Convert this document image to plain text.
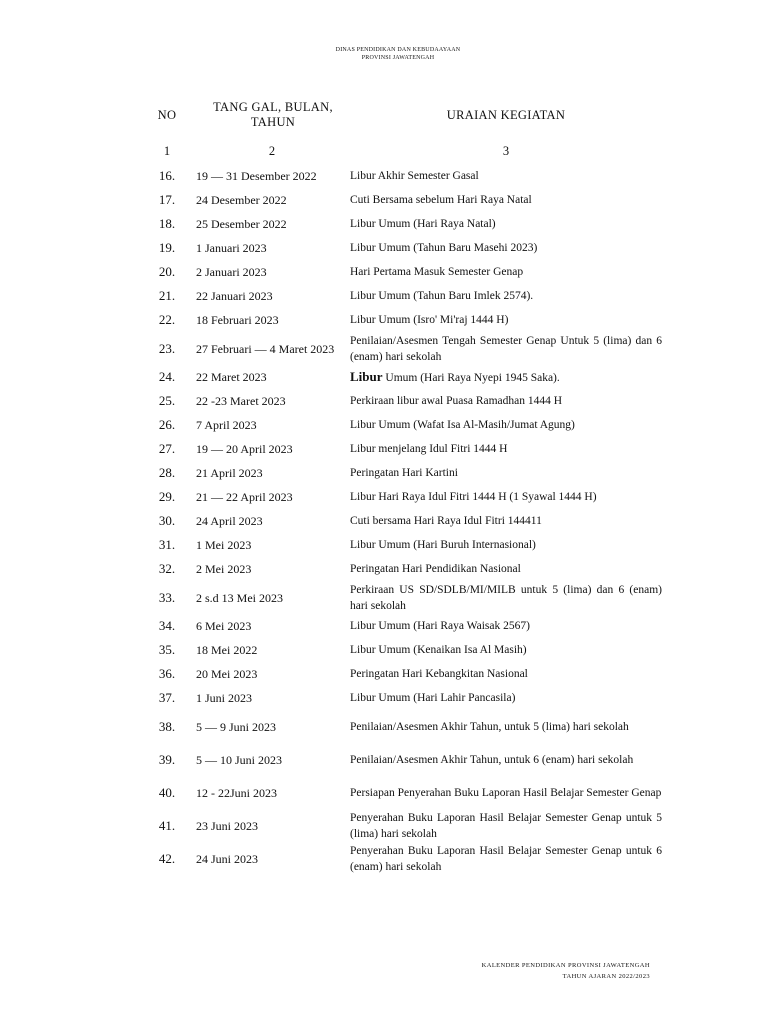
DINAS PENDIDIKAN DAN KEBUDAAYAAN
PROVINSI JAWATENGAH
NO	TANG GAL, BULAN, TAHUN	URAIAN KEGIATAN
1	2	3
16.	19 — 31 Desember 2022	Libur Akhir Semester Gasal
17.	24 Desember 2022	Cuti Bersama sebelum Hari Raya Natal
18.	25 Desember 2022	Libur Umum (Hari Raya Natal)
19.	1 Januari 2023	Libur Umum (Tahun Baru Masehi 2023)
20.	2 Januari 2023	Hari Pertama Masuk Semester Genap
21.	22 Januari 2023	Libur Umum (Tahun Baru Imlek 2574).
22.	18 Februari 2023	Libur Umum (Isro' Mi'raj 1444 H)
23.	27 Februari — 4 Maret 2023	Penilaian/Asesmen Tengah Semester Genap Untuk 5 (lima) dan 6 (enam) hari sekolah
24.	22 Maret 2023	Libur Umum (Hari Raya Nyepi 1945 Saka).
25.	22 -23 Maret 2023	Perkiraan libur awal Puasa Ramadhan 1444 H
26.	7 April 2023	Libur Umum (Wafat Isa Al-Masih/Jumat Agung)
27.	19 — 20 April 2023	Libur menjelang Idul Fitri 1444 H
28.	21 April 2023	Peringatan Hari Kartini
29.	21 — 22 April 2023	Libur Hari Raya Idul Fitri 1444 H (1 Syawal 1444 H)
30.	24 April 2023	Cuti bersama Hari Raya Idul Fitri 144411
31.	1 Mei 2023	Libur Umum (Hari Buruh Internasional)
32.	2 Mei 2023	Peringatan Hari Pendidikan Nasional
33.	2 s.d 13 Mei 2023	Perkiraan US SD/SDLB/MI/MILB untuk 5 (lima) dan 6 (enam) hari sekolah
34.	6 Mei 2023	Libur Umum (Hari Raya Waisak 2567)
35.	18 Mei 2022	Libur Umum (Kenaikan Isa Al Masih)
36.	20 Mei 2023	Peringatan Hari Kebangkitan Nasional
37.	1 Juni 2023	Libur Umum (Hari Lahir Pancasila)
38.	5 — 9 Juni 2023	Penilaian/Asesmen Akhir Tahun, untuk 5 (lima) hari sekolah
39.	5 — 10 Juni 2023	Penilaian/Asesmen Akhir Tahun, untuk 6 (enam) hari sekolah
40.	12 - 22Juni 2023	Persiapan Penyerahan Buku Laporan Hasil Belajar Semester Genap
41.	23 Juni 2023	Penyerahan Buku Laporan Hasil Belajar Semester Genap untuk 5 (lima) hari sekolah
42.	24 Juni 2023	Penyerahan Buku Laporan Hasil Belajar Semester Genap untuk 6 (enam) hari sekolah
KALENDER PENDIDIKAN PROVINSI JAWATENGAH
TAHUN AJARAN 2022/2023
